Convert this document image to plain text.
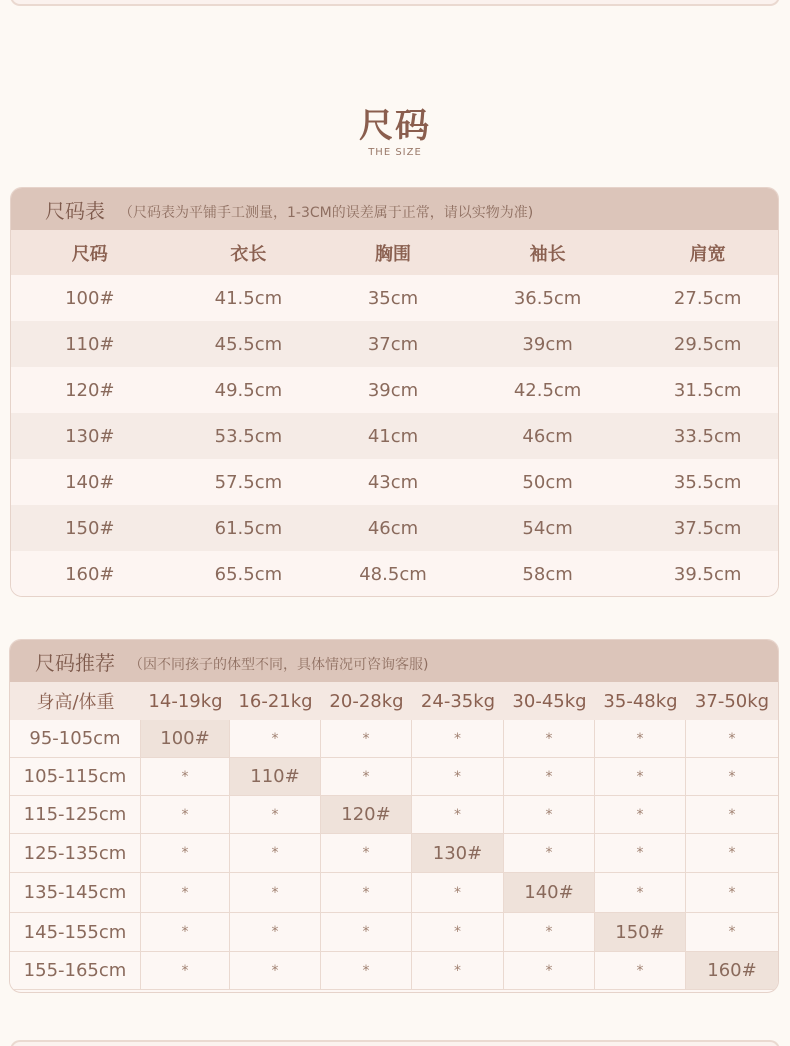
尺码
THE SIZE
尺码表 （尺码表为平铺手工测量，1-3CM的误差属于正常，请以实物为准)
尺码	衣长	胸围	袖长	肩宽
100#	41.5cm	35cm	36.5cm	27.5cm
110#	45.5cm	37cm	39cm	29.5cm
120#	49.5cm	39cm	42.5cm	31.5cm
130#	53.5cm	41cm	46cm	33.5cm
140#	57.5cm	43cm	50cm	35.5cm
150#	61.5cm	46cm	54cm	37.5cm
160#	65.5cm	48.5cm	58cm	39.5cm
尺码推荐 （因不同孩子的体型不同，具体情况可咨询客服)
身高/体重	14-19kg 16-21kg 20-28kg 24-35kg 30-45kg 35-48kg 37-50kg
95-105cm	100#	*	*	*	*	*	*
105-115cm	*	110#	*	*	*	*	*
115-125cm	*	*	120#	*	*	*	*
125-135cm	*	*	*	130#	*	*	*
135-145cm	*	*	*	*	140#	*	*
145-155cm	*	*	*	*	*	150#	*
155-165cm	*	*	*	*	*	*	160#
